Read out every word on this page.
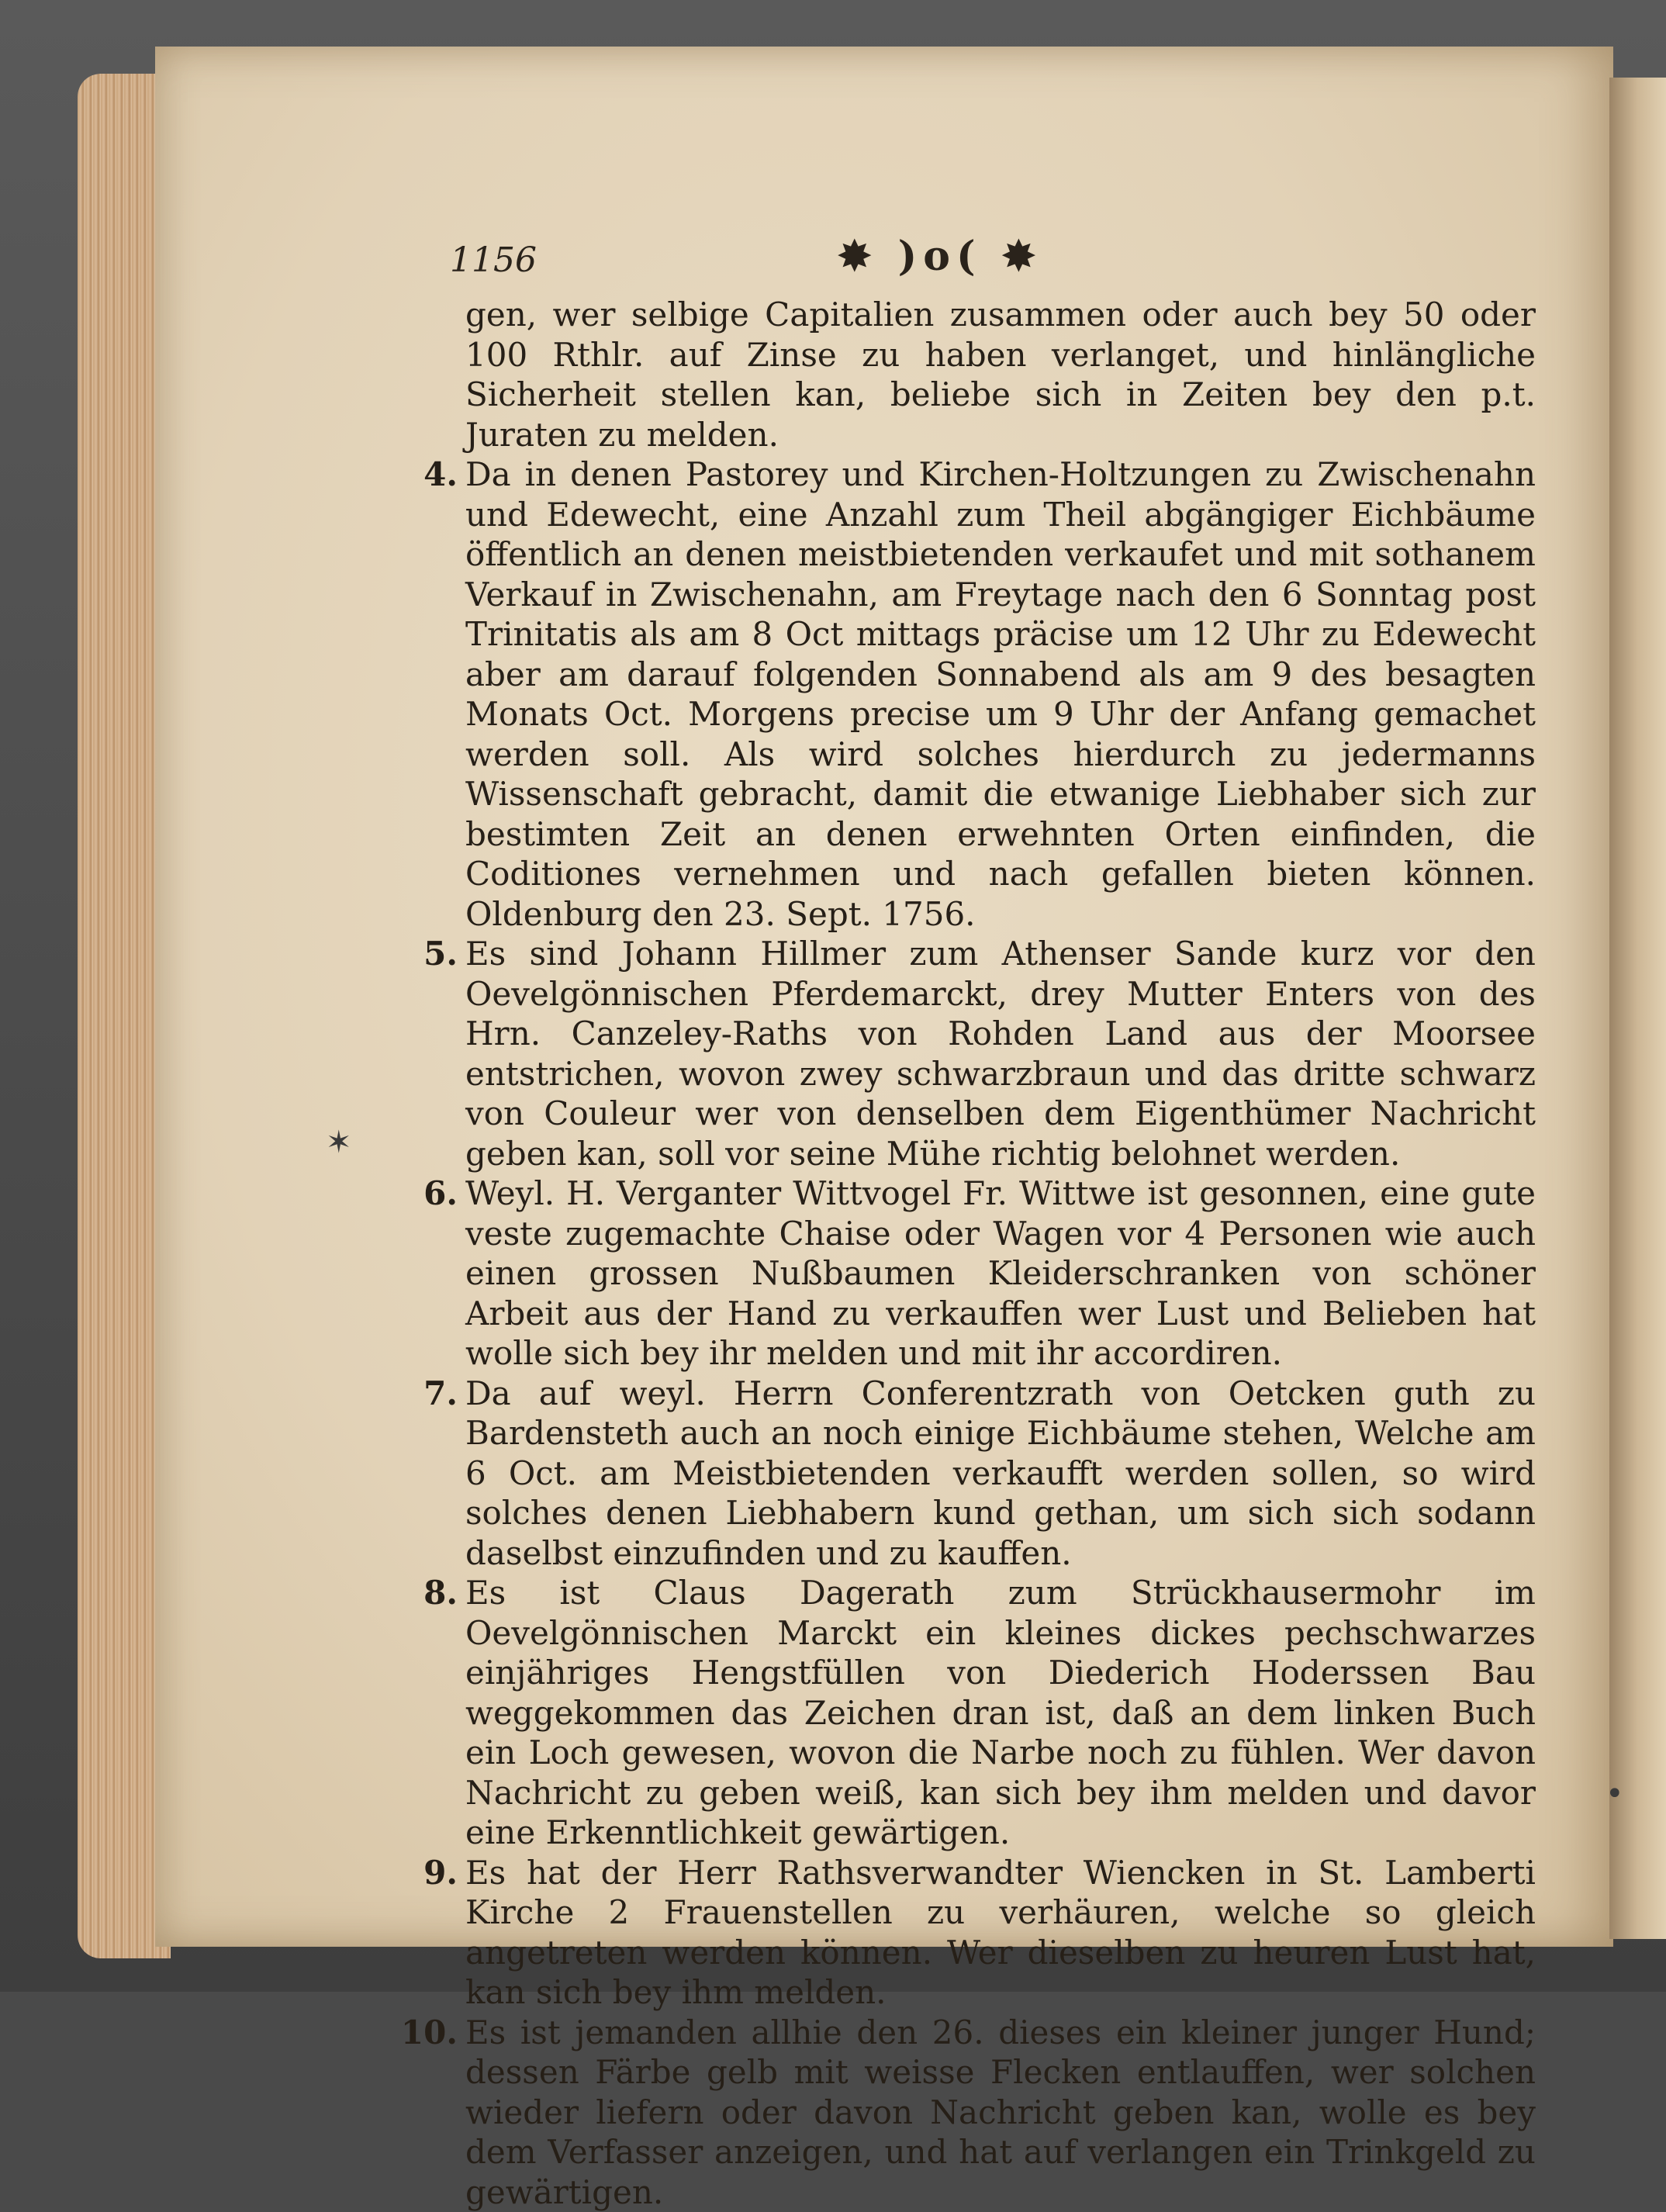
✶
•
1156	✸ )o( ✸
gen, wer selbige Capitalien zusammen oder auch bey 50 oder 100 Rthlr. auf Zinse zu haben verlanget, und hinlängliche Sicherheit stellen kan, beliebe sich in Zeiten bey den p.t. Juraten zu melden.
4. Da in denen Pastorey und Kirchen-Holtzungen zu Zwischenahn und Edewecht, eine Anzahl zum Theil abgängiger Eichbäume öffentlich an denen meistbietenden verkaufet und mit sothanem Verkauf in Zwischenahn, am Freytage nach den 6 Sonntag post Trinitatis als am 8 Oct mittags präcise um 12 Uhr zu Edewecht aber am darauf folgenden Sonnabend als am 9 des besagten Monats Oct. Morgens precise um 9 Uhr der Anfang gemachet werden soll. Als wird solches hierdurch zu jedermanns Wissenschaft gebracht, damit die etwanige Liebhaber sich zur bestimten Zeit an denen erwehnten Orten einfinden, die Coditiones vernehmen und nach gefallen bieten können. Oldenburg den 23. Sept. 1756.
5. Es sind Johann Hillmer zum Athenser Sande kurz vor den Oevelgönnischen Pferdemarckt, drey Mutter Enters von des Hrn. Canzeley-Raths von Rohden Land aus der Moorsee entstrichen, wovon zwey schwarzbraun und das dritte schwarz von Couleur wer von denselben dem Eigenthümer Nachricht geben kan, soll vor seine Mühe richtig belohnet werden.
6. Weyl. H. Verganter Wittvogel Fr. Wittwe ist gesonnen, eine gute veste zugemachte Chaise oder Wagen vor 4 Personen wie auch einen grossen Nußbaumen Kleiderschranken von schöner Arbeit aus der Hand zu verkauffen wer Lust und Belieben hat wolle sich bey ihr melden und mit ihr accordiren.
7. Da auf weyl. Herrn Conferentzrath von Oetcken guth zu Bardensteth auch an noch einige Eichbäume stehen, Welche am 6 Oct. am Meistbietenden verkaufft werden sollen, so wird solches denen Liebhabern kund gethan, um sich sich sodann daselbst einzufinden und zu kauffen.
8. Es ist Claus Dagerath zum Strückhausermohr im Oevelgönnischen Marckt ein kleines dickes pechschwarzes einjähriges Hengstfüllen von Diederich Hoderssen Bau weggekommen das Zeichen dran ist, daß an dem linken Buch ein Loch gewesen, wovon die Narbe noch zu fühlen. Wer davon Nachricht zu geben weiß, kan sich bey ihm melden und davor eine Erkenntlichkeit gewärtigen.
9. Es hat der Herr Rathsverwandter Wiencken in St. Lamberti Kirche 2 Frauenstellen zu verhäuren, welche so gleich angetreten werden können. Wer dieselben zu heuren Lust hat, kan sich bey ihm melden.
10. Es ist jemanden allhie den 26. dieses ein kleiner junger Hund; dessen Färbe gelb mit weisse Flecken entlauffen, wer solchen wieder liefern oder davon Nachricht geben kan, wolle es bey dem Verfasser anzeigen, und hat auf verlangen ein Trinkgeld zu gewärtigen.
